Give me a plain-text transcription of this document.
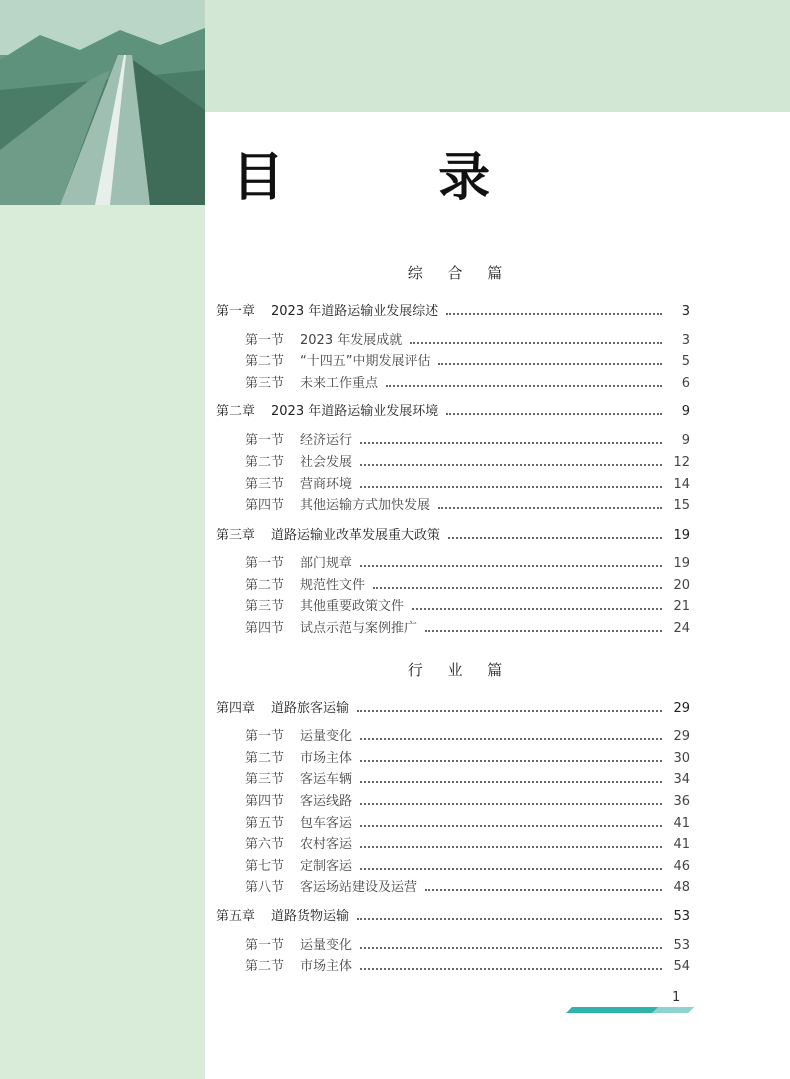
目 录
综 合 篇
行 业 篇
第一章	2023 年道路运输业发展综述	3
第一节	2023 年发展成就	3
第二节	“十四五”中期发展评估	5
第三节	未来工作重点	6
第二章	2023 年道路运输业发展环境	9
第一节	经济运行	9
第二节	社会发展	12
第三节	营商环境	14
第四节	其他运输方式加快发展	15
第三章	道路运输业改革发展重大政策	19
第一节	部门规章	19
第二节	规范性文件	20
第三节	其他重要政策文件	21
第四节	试点示范与案例推广	24
第四章	道路旅客运输	29
第一节	运量变化	29
第二节	市场主体	30
第三节	客运车辆	34
第四节	客运线路	36
第五节	包车客运	41
第六节	农村客运	41
第七节	定制客运	46
第八节	客运场站建设及运营	48
第五章	道路货物运输	53
第一节	运量变化	53
第二节	市场主体	54
1
